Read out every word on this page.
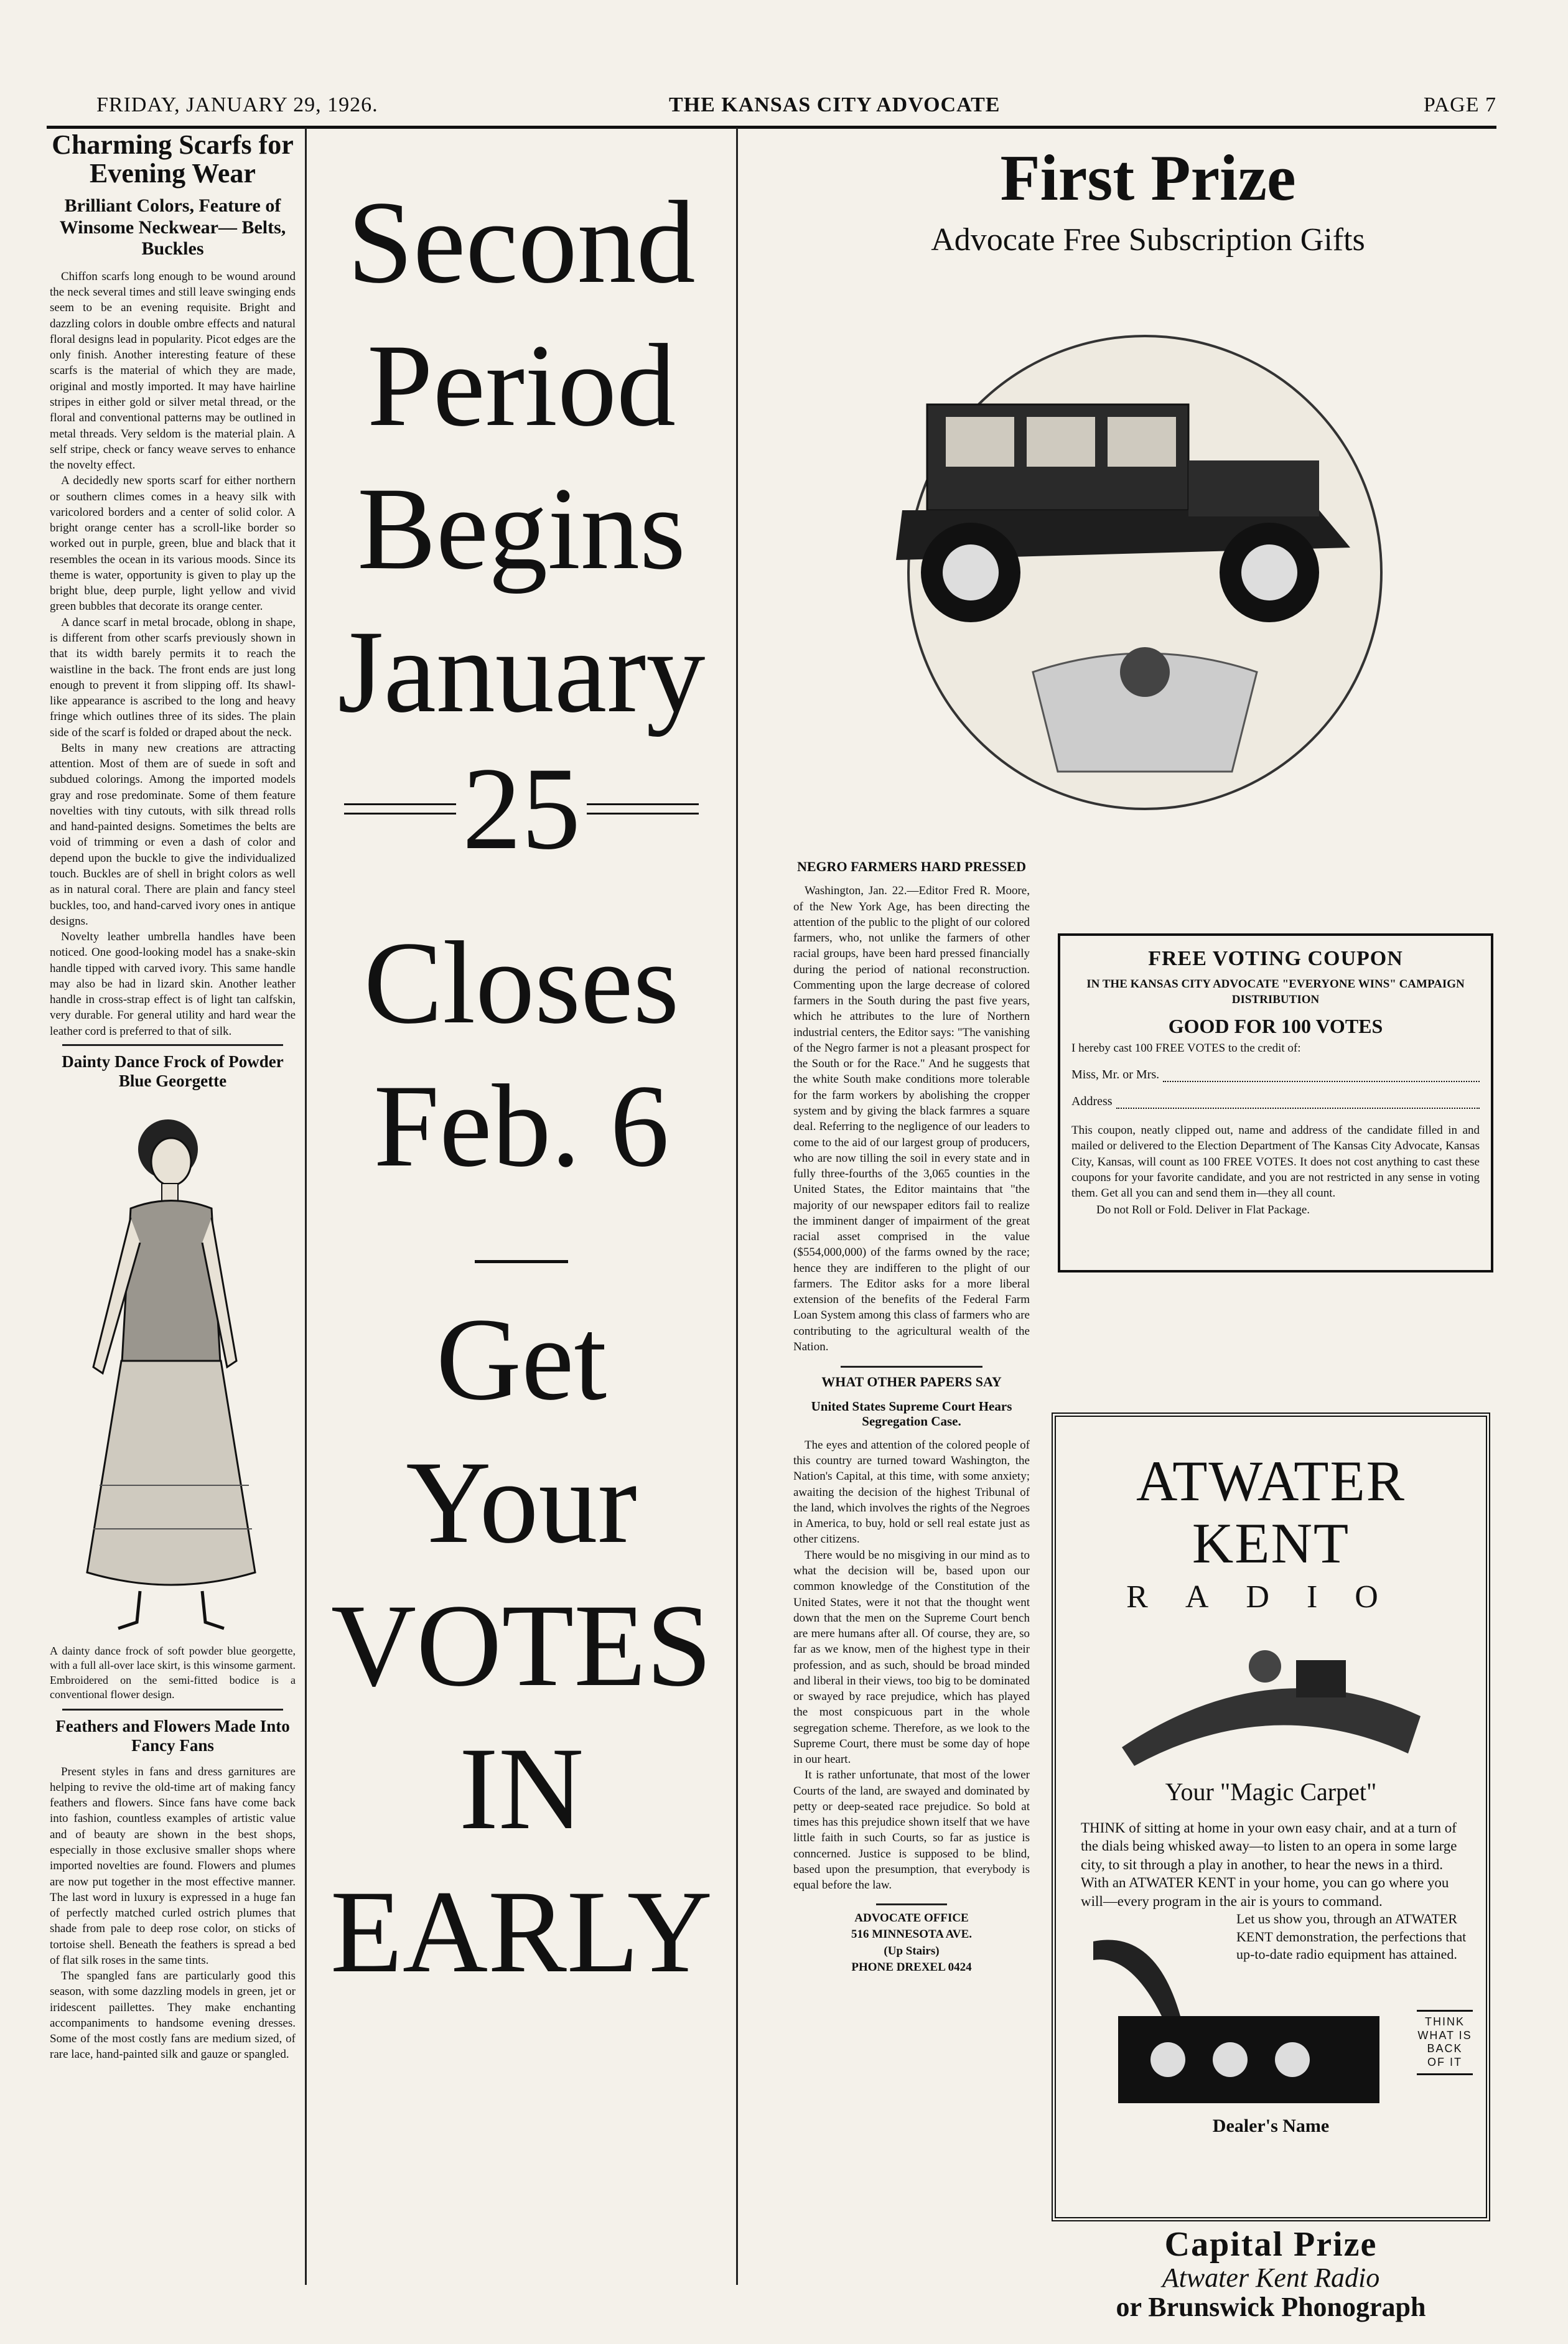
FRIDAY, JANUARY 29, 1926.	THE KANSAS CITY ADVOCATE	PAGE 7
Charming Scarfs for Evening Wear
Brilliant Colors, Feature of Winsome Neckwear— Belts, Buckles

Chiffon scarfs long enough to be wound around the neck several times and still leave swinging ends seem to be an evening requisite. Bright and dazzling colors in double ombre effects and natural floral designs lead in popularity. Picot edges are the only finish. Another interesting feature of these scarfs is the material of which they are made, original and mostly imported. It may have hairline stripes in either gold or silver metal thread, or the floral and conventional patterns may be outlined in metal threads. Very seldom is the material plain. A self stripe, check or fancy weave serves to enhance the novelty effect.

A decidedly new sports scarf for either northern or southern climes comes in a heavy silk with varicolored borders and a center of solid color. A bright orange center has a scroll-like border so worked out in purple, green, blue and black that it resembles the ocean in its various moods. Since its theme is water, opportunity is given to play up the bright blue, deep purple, light yellow and vivid green bubbles that decorate its orange center.

A dance scarf in metal brocade, oblong in shape, is different from other scarfs previously shown in that its width barely permits it to reach the waistline in the back. The front ends are just long enough to prevent it from slipping off. Its shawl-like appearance is ascribed to the long and heavy fringe which outlines three of its sides. The plain side of the scarf is folded or draped about the neck.

Belts in many new creations are attracting attention. Most of them are of suede in soft and subdued colorings. Among the imported models gray and rose predominate. Some of them feature novelties with tiny cutouts, with silk thread rolls and hand-painted designs. Sometimes the belts are void of trimming or even a dash of color and depend upon the buckle to give the individualized touch. Buckles are of shell in bright colors as well as in natural coral. There are plain and fancy steel buckles, too, and hand-carved ivory ones in antique designs.

Novelty leather umbrella handles have been noticed. One good-looking model has a snake-skin handle tipped with carved ivory. This same handle may also be had in lizard skin. Another leather handle in cross-strap effect is of light tan calfskin, very durable. For general utility and hard wear the leather cord is preferred to that of silk.

Dainty Dance Frock of Powder Blue Georgette
A dainty dance frock of soft powder blue georgette, with a full all-over lace skirt, is this winsome garment. Embroidered on the semi-fitted bodice is a conventional flower design.
Feathers and Flowers Made Into Fancy Fans

Present styles in fans and dress garnitures are helping to revive the old-time art of making fancy feathers and flowers. Since fans have come back into fashion, countless examples of artistic value and of beauty are shown in the best shops, especially in those exclusive smaller shops where imported novelties are found. Flowers and plumes are now put together in the most effective manner. The last word in luxury is expressed in a huge fan of perfectly matched curled ostrich plumes that shade from pale to deep rose color, on sticks of tortoise shell. Beneath the feathers is spread a bed of flat silk roses in the same tints.

The spangled fans are particularly good this season, with some dazzling models in green, jet or iridescent paillettes. They make enchanting accompaniments to handsome evening dresses. Some of the most costly fans are medium sized, of rare lace, hand-painted silk and gauze or spangled.

Second
Period
Begins
January
25
Closes
Feb. 6
Get
Your
VOTES
IN
EARLY
First Prize
Advocate Free Subscription Gifts
NEGRO FARMERS HARD PRESSED

Washington, Jan. 22.—Editor Fred R. Moore, of the New York Age, has been directing the attention of the public to the plight of our colored farmers, who, not unlike the farmers of other racial groups, have been hard pressed financially during the period of national reconstruction. Commenting upon the large decrease of colored farmers in the South during the past five years, which he attributes to the lure of Northern industrial centers, the Editor says: "The vanishing of the Negro farmer is not a pleasant prospect for the South or for the Race." And he suggests that the white South make conditions more tolerable for the farm workers by abolishing the cropper system and by giving the black farmres a square deal. Referring to the negligence of our leaders to come to the aid of our largest group of producers, who are now tilling the soil in every state and in fully three-fourths of the 3,065 counties in the United States, the Editor maintains that "the majority of our newspaper editors fail to realize the imminent danger of impairment of the great racial asset comprised in the value ($554,000,000) of the farms owned by the race; hence they are indifferen to the plight of our farmers. The Editor asks for a more liberal extension of the benefits of the Federal Farm Loan System among this class of farmers who are contributing to the agricultural wealth of the Nation.

WHAT OTHER PAPERS SAY
United States Supreme Court Hears Segregation Case.

The eyes and attention of the colored people of this country are turned toward Washington, the Nation's Capital, at this time, with some anxiety; awaiting the decision of the highest Tribunal of the land, which involves the rights of the Negroes in America, to buy, hold or sell real estate just as other citizens.

There would be no misgiving in our mind as to what the decision will be, based upon our common knowledge of the Constitution of the United States, were it not that the thought went down that the men on the Supreme Court bench are mere humans after all. Of course, they are, so far as we know, men of the highest type in their profession, and as such, should be broad minded and liberal in their views, too big to be dominated or swayed by race prejudice, which has played the most conspicuous part in the whole segregation scheme. Therefore, as we look to the Supreme Court, there must be some day of hope in our heart.

It is rather unfortunate, that most of the lower Courts of the land, are swayed and dominated by petty or deep-seated race prejudice. So bold at times has this prejudice shown itself that we have little faith in such Courts, so far as justice is conncerned. Justice is supposed to be blind, based upon the presumption, that everybody is equal before the law.

ADVOCATE OFFICE
516 MINNESOTA AVE.
(Up Stairs)
PHONE DREXEL 0424
FREE VOTING COUPON
IN THE KANSAS CITY ADVOCATE "EVERYONE WINS" CAMPAIGN DISTRIBUTION
GOOD FOR 100 VOTES
I hereby cast 100 FREE VOTES to the credit of:
Miss, Mr. or Mrs.
Address
This coupon, neatly clipped out, name and address of the candidate filled in and mailed or delivered to the Election Department of The Kansas City Advocate, Kansas City, Kansas, will count as 100 FREE VOTES. It does not cost anything to cast these coupons for your favorite candidate, and you are not restricted in any sense in voting them. Get all you can and send them in—they all count.
Do not Roll or Fold. Deliver in Flat Package.
ATWATER
KENT
RADIO
Your "Magic Carpet"
THINK of sitting at home in your own easy chair, and at a turn of the dials being whisked away—to listen to an opera in some large city, to sit through a play in another, to hear the news in a third. With an ATWATER KENT in your home, you can go where you will—every program in the air is yours to command.
Let us show you, through an ATWATER KENT demonstration, the perfections that up-to-date radio equipment has attained.
THINK WHAT IS BACK OF IT
Dealer's Name
Capital Prize
Atwater Kent Radio
or Brunswick Phonograph
